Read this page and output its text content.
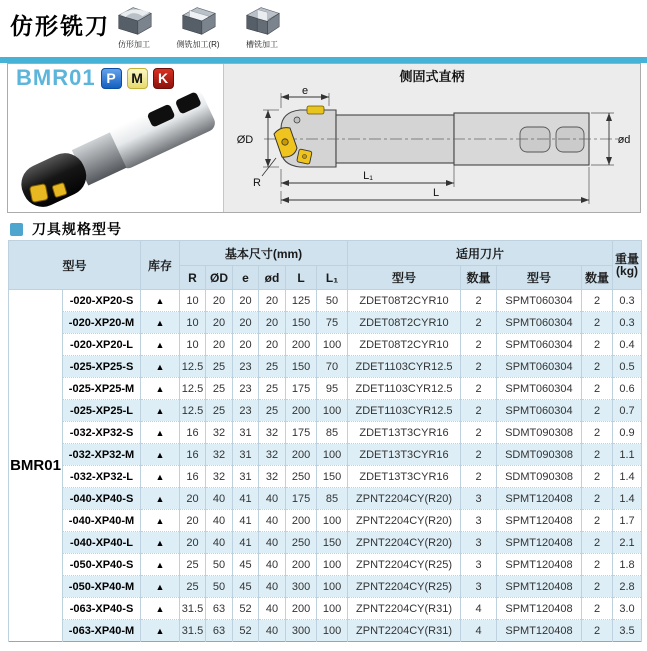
仿形铣刀
仿形加工	侧铣加工(R)	槽铣加工
BMR01 P	M	K	侧固式直柄
e
ØD	ød
R
L₁
L
刀具规格型号
型号		库存	基本尺寸(mm)						适用刀片				重量
(kg)

			R	ØD	e	ød	L	L₁	型号	数量	型号	数量	
BMR01	-020-XP20-S	▲	10	20	20	20	125	50	ZDET08T2CYR10	2	SPMT060304	2	0.3
	-020-XP20-M	▲	10	20	20	20	150	75	ZDET08T2CYR10	2	SPMT060304	2	0.3
	-020-XP20-L	▲	10	20	20	20	200	100	ZDET08T2CYR10	2	SPMT060304	2	0.4
	-025-XP25-S	▲	12.5	25	23	25	150	70	ZDET1103CYR12.5	2	SPMT060304	2	0.5
	-025-XP25-M	▲	12.5	25	23	25	175	95	ZDET1103CYR12.5	2	SPMT060304	2	0.6
	-025-XP25-L	▲	12.5	25	23	25	200	100	ZDET1103CYR12.5	2	SPMT060304	2	0.7
	-032-XP32-S	▲	16	32	31	32	175	85	ZDET13T3CYR16	2	SDMT090308	2	0.9
	-032-XP32-M	▲	16	32	31	32	200	100	ZDET13T3CYR16	2	SDMT090308	2	1.1
	-032-XP32-L	▲	16	32	31	32	250	150	ZDET13T3CYR16	2	SDMT090308	2	1.4
	-040-XP40-S	▲	20	40	41	40	175	85	ZPNT2204CY(R20)	3	SPMT120408	2	1.4
	-040-XP40-M	▲	20	40	41	40	200	100	ZPNT2204CY(R20)	3	SPMT120408	2	1.7
	-040-XP40-L	▲	20	40	41	40	250	150	ZPNT2204CY(R20)	3	SPMT120408	2	2.1
	-050-XP40-S	▲	25	50	45	40	200	100	ZPNT2204CY(R25)	3	SPMT120408	2	1.8
	-050-XP40-M	▲	25	50	45	40	300	100	ZPNT2204CY(R25)	3	SPMT120408	2	2.8
	-063-XP40-S	▲	31.5	63	52	40	200	100	ZPNT2204CY(R31)	4	SPMT120408	2	3.0
	-063-XP40-M	▲	31.5	63	52	40	300	100	ZPNT2204CY(R31)	4	SPMT120408	2	3.5
